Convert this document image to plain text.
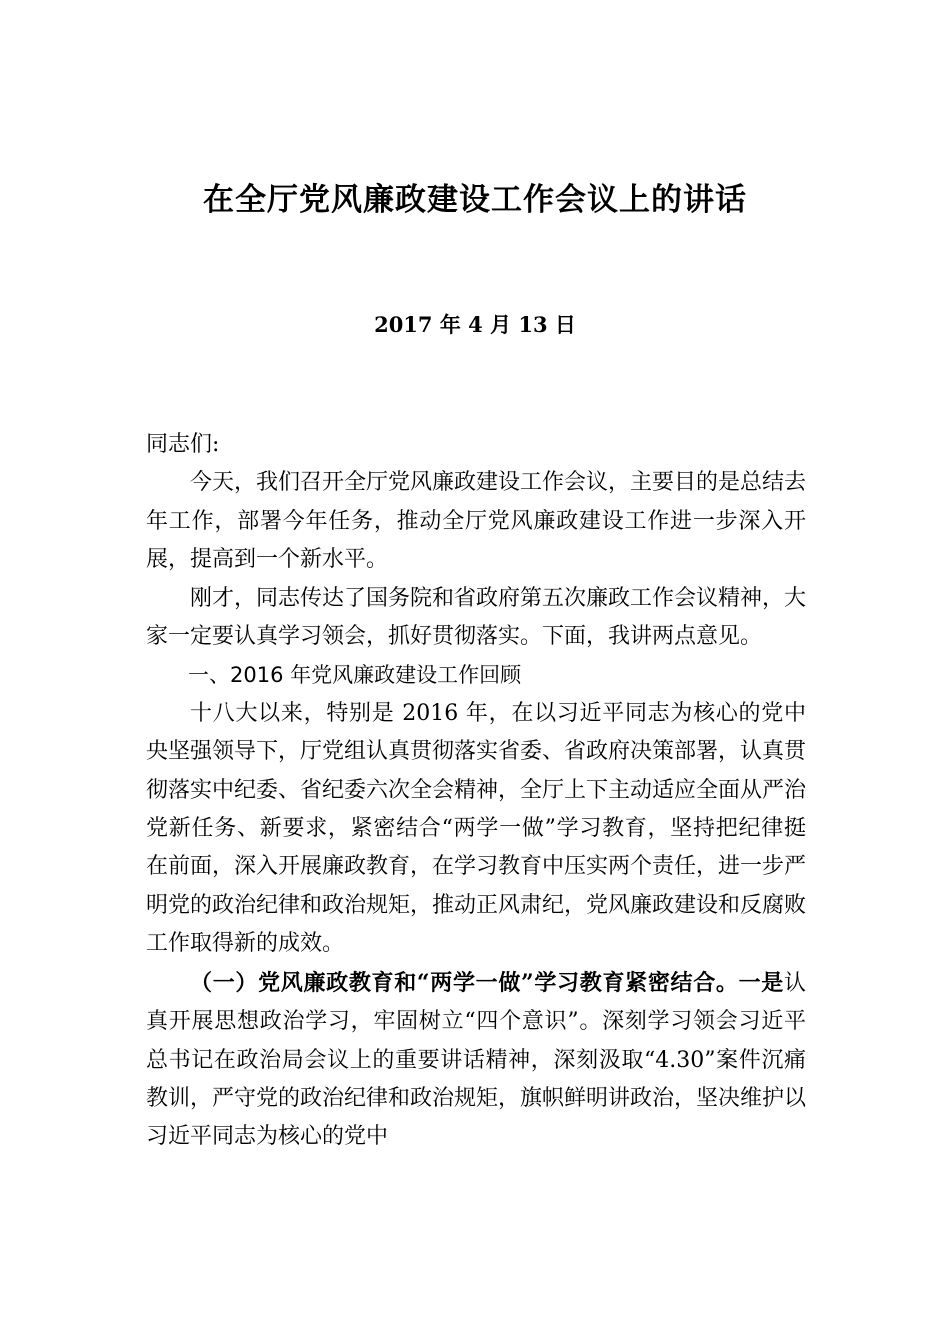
在全厅党风廉政建设工作会议上的讲话
2017 年 4 月 13 日

同志们:

今天，我们召开全厅党风廉政建设工作会议，主要目的是总结去年工作，部署今年任务，推动全厅党风廉政建设工作进一步深入开展，提高到一个新水平。

刚才，同志传达了国务院和省政府第五次廉政工作会议精神，大家一定要认真学习领会，抓好贯彻落实。下面，我讲两点意见。

一、2016 年党风廉政建设工作回顾

十八大以来，特别是 2016 年，在以习近平同志为核心的党中央坚强领导下，厅党组认真贯彻落实省委、省政府决策部署，认真贯彻落实中纪委、省纪委六次全会精神，全厅上下主动适应全面从严治党新任务、新要求，紧密结合“两学一做”学习教育，坚持把纪律挺在前面，深入开展廉政教育，在学习教育中压实两个责任，进一步严明党的政治纪律和政治规矩，推动正风肃纪，党风廉政建设和反腐败工作取得新的成效。

（一）党风廉政教育和“两学一做”学习教育紧密结合。一是认真开展思想政治学习，牢固树立“四个意识”。深刻学习领会习近平总书记在政治局会议上的重要讲话精神，深刻汲取“4.30”案件沉痛教训，严守党的政治纪律和政治规矩，旗帜鲜明讲政治，坚决维护以习近平同志为核心的党中
